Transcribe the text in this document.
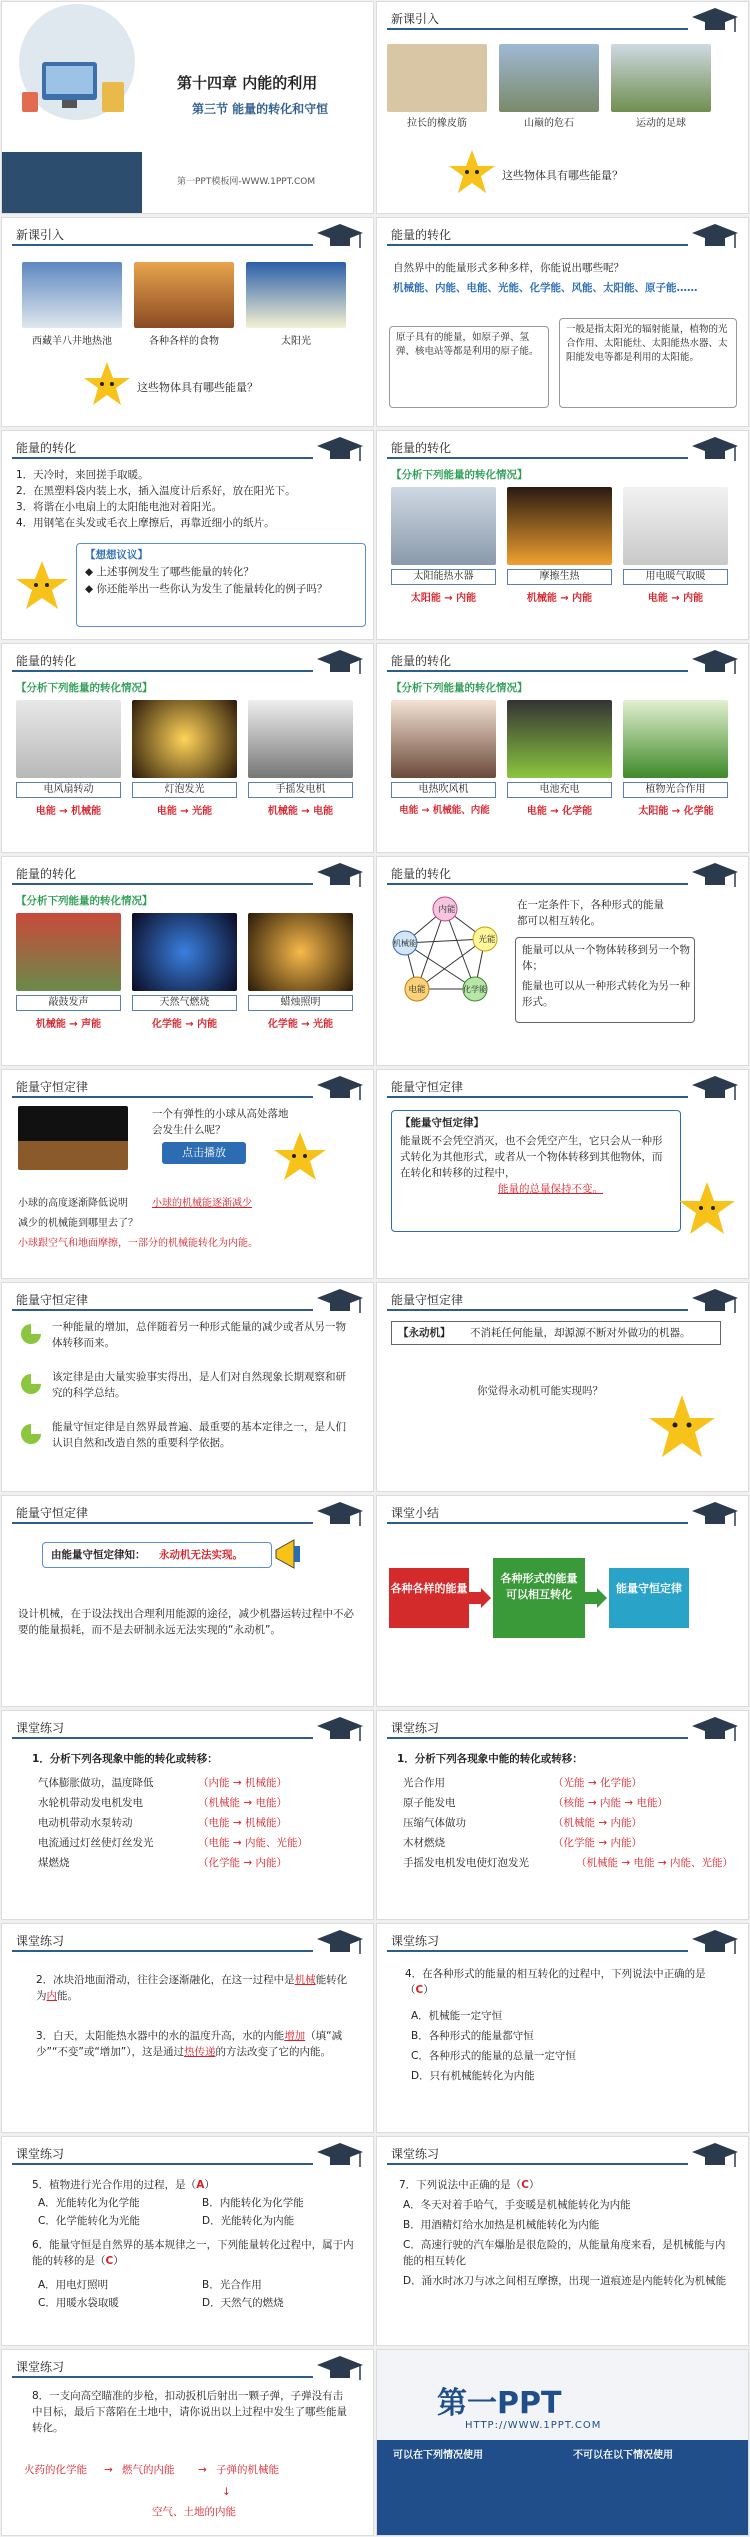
第十四章 内能的利用
第三节 能量的转化和守恒
第一PPT模板网-WWW.1PPT.COM
新课引入
拉长的橡皮筋	山巅的危石	运动的足球
这些物体具有哪些能量？
新课引入
西藏羊八井地热池	各种各样的食物	太阳光
这些物体具有哪些能量？
能量的转化
自然界中的能量形式多种多样，你能说出哪些呢？
机械能、内能、电能、光能、化学能、风能、太阳能、原子能……
原子具有的能量，如原子弹、氢弹、核电站等都是利用的原子能。
一般是指太阳光的辐射能量，植物的光合作用、太阳能灶、太阳能热水器、太阳能发电等都是利用的太阳能。
能量的转化
1．天冷时，来回搓手取暖。
2．在黑塑料袋内装上水，插入温度计后系好，放在阳光下。
3．将谐在小电扇上的太阳能电池对着阳光。
4．用钢笔在头发或毛衣上摩擦后，再靠近细小的纸片。
【想想议议】
◆ 上述事例发生了哪些能量的转化？
◆ 你还能举出一些你认为发生了能量转化的例子吗？
能量的转化
【分析下列能量的转化情况】
太阳能热水器	摩擦生热	用电暖气取暖
太阳能 → 内能	机械能 → 内能	电能 → 内能
能量的转化
【分析下列能量的转化情况】
电风扇转动	灯泡发光	手摇发电机
电能 → 机械能	电能 → 光能	机械能 → 电能
能量的转化
【分析下列能量的转化情况】
电热吹风机	电池充电	植物光合作用
电能 → 机械能、内能	电能 → 化学能	太阳能 → 化学能
能量的转化
【分析下列能量的转化情况】
敲鼓发声	天然气燃烧	蜡烛照明
机械能 → 声能	化学能 → 内能	化学能 → 光能
能量的转化
内能
光能
化学能
电能
机械能
在一定条件下，各种形式的能量都可以相互转化。
能量可以从一个物体转移到另一个物体；
能量也可以从一种形式转化为另一种形式。
能量守恒定律
一个有弹性的小球从高处落地会发生什么呢？
点击播放
小球的高度逐渐降低说明 小球的机械能逐渐减少
减少的机械能到哪里去了？
小球跟空气和地面摩擦，一部分的机械能转化为内能。
能量守恒定律
【能量守恒定律】
能量既不会凭空消灭，也不会凭空产生，它只会从一种形式转化为其他形式，或者从一个物体转移到其他物体，而在转化和转移的过程中，
能量的总量保持不变。
能量守恒定律
一种能量的增加，总伴随着另一种形式能量的减少或者从另一物体转移而来。
该定律是由大量实验事实得出，是人们对自然现象长期观察和研究的科学总结。
能量守恒定律是自然界最普遍、最重要的基本定律之一，是人们认识自然和改造自然的重要科学依据。
能量守恒定律
【永动机】 不消耗任何能量，却源源不断对外做功的机器。
你觉得永动机可能实现吗？
能量守恒定律
由能量守恒定律知： 永动机无法实现。
设计机械，在于设法找出合理利用能源的途径，减少机器运转过程中不必要的能量损耗，而不是去研制永远无法实现的“永动机”。
课堂小结
各种各样的能量
各种形式的能量可以相互转化	能量守恒定律
课堂练习
1．分析下列各现象中能的转化或转移：
气体膨胀做功，温度降低	（内能 → 机械能）
水轮机带动发电机发电	（机械能 → 电能）
电动机带动水泵转动	（电能 → 机械能）
电流通过灯丝使灯丝发光	（电能 → 内能、光能）
煤燃烧	（化学能 → 内能）
课堂练习
1．分析下列各现象中能的转化或转移：
光合作用	（光能 → 化学能）
原子能发电	（核能 → 内能 → 电能）
压缩气体做功	（机械能 → 内能）
木材燃烧	（化学能 → 内能）
手摇发电机发电使灯泡发光	（机械能 → 电能 → 内能、光能）
课堂练习
2．冰块沿地面滑动，往往会逐渐融化，在这一过程中是机械能转化为内能。
3．白天，太阳能热水器中的水的温度升高，水的内能增加（填“减少”“不变”或“增加”），这是通过热传递的方法改变了它的内能。
课堂练习
4．在各种形式的能量的相互转化的过程中，下列说法中正确的是（C）
A．机械能一定守恒
B．各种形式的能量都守恒
C．各种形式的能量的总量一定守恒
D．只有机械能转化为内能
课堂练习
5．植物进行光合作用的过程，是（A）
A．光能转化为化学能	B．内能转化为化学能
C．化学能转化为光能	D．光能转化为内能
6．能量守恒是自然界的基本规律之一，下列能量转化过程中，属于内能的转移的是（C）
A．用电灯照明	B．光合作用
C．用暖水袋取暖	D．天然气的燃烧
课堂练习
7．下列说法中正确的是（C）
A．冬天对着手哈气，手变暖是机械能转化为内能
B．用酒精灯给水加热是机械能转化为内能
C．高速行驶的汽车爆胎是很危险的，从能量角度来看，是机械能与内能的相互转化
D．涌水时冰刀与冰之间相互摩擦，出现一道痕迹是内能转化为机械能
课堂练习
8．一支向高空瞄准的步枪，扣动扳机后射出一颗子弹，子弹没有击中目标，最后下落陷在土地中，请你说出以上过程中发生了哪些能量转化。
火药的化学能 → 燃气的内能 → 子弹的机械能
↓
空气、土地的内能
第一PPT
HTTP://WWW.1PPT.COM
可以在下列情况使用	不可以在以下情况使用
